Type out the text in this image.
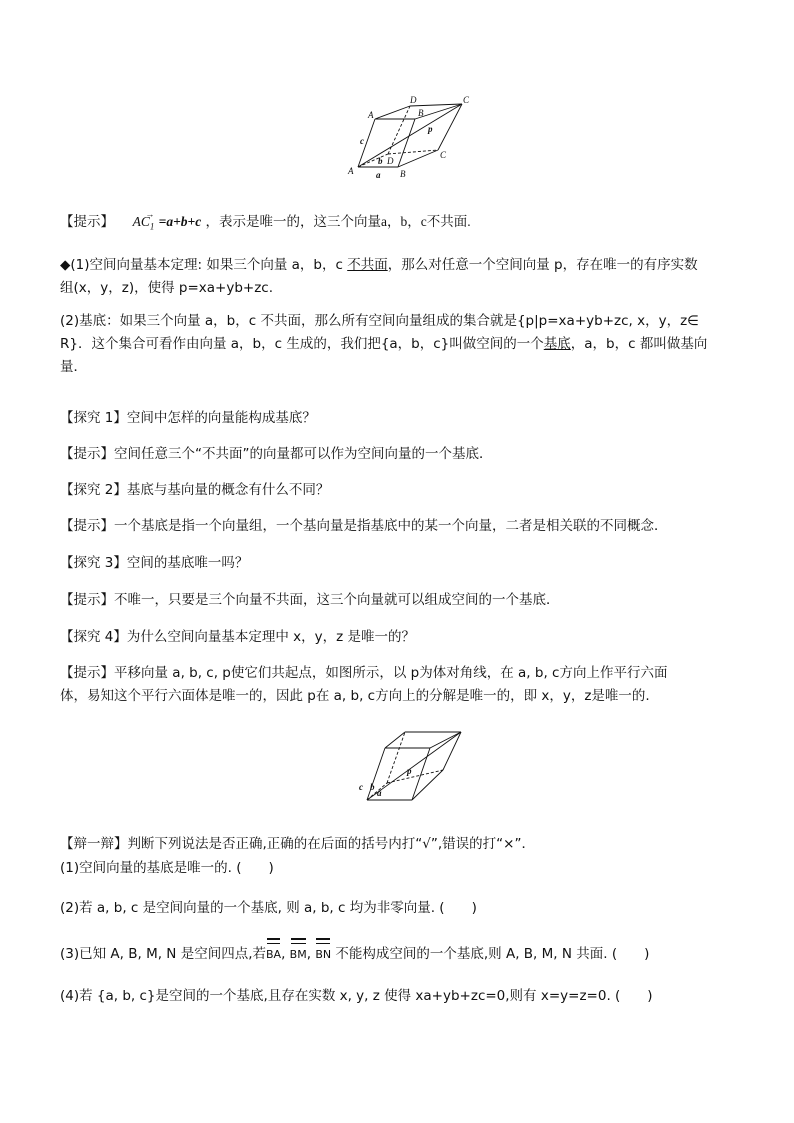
A	B
C
D
A	B
C
D
a
b
c
p
【提示】	→
$AC_1 =a+b+c$ ，表示是唯一的，这三个向量a，b，c不共面.
◆(1)空间向量基本定理: 如果三个向量 a，b，c 不共面，那么对任意一个空间向量 p，存在唯一的有序实数
组(x，y，z)，使得 p=xa+yb+zc.
(2)基底：如果三个向量 a，b，c 不共面，那么所有空间向量组成的集合就是{p|p=xa+yb+zc, x，y，z∈
R}．这个集合可看作由向量 a，b，c 生成的，我们把{a，b，c}叫做空间的一个基底，a，b，c 都叫做基向
量．
【探究 1】空间中怎样的向量能构成基底？
【提示】空间任意三个“不共面”的向量都可以作为空间向量的一个基底．
【探究 2】基底与基向量的概念有什么不同？
【提示】一个基底是指一个向量组，一个基向量是指基底中的某一个向量，二者是相关联的不同概念．
【探究 3】空间的基底唯一吗？
【提示】不唯一，只要是三个向量不共面，这三个向量就可以组成空间的一个基底．
【探究 4】为什么空间向量基本定理中 x，y，z 是唯一的？
【提示】平移向量 a, b, c, p使它们共起点，如图所示，以 p为体对角线，在 a, b, c方向上作平行六面
体，易知这个平行六面体是唯一的，因此 p在 a, b, c方向上的分解是唯一的，即 x，y，z是唯一的.
a
b
c
p
【辩一辩】判断下列说法是否正确,正确的在后面的括号内打“√”,错误的打“×”．
(1)空间向量的基底是唯一的. (　　)
(2)若 a, b, c 是空间向量的一个基底, 则 a, b, c 均为非零向量. (　　)
(3)已知 A, B, M, N 是空间四点,若
BA, BM, BN 不能构成空间的一个基底,则 A, B, M, N 共面. (　　)
(4)若 {a, b, c}是空间的一个基底,且存在实数 x, y, z 使得 xa+yb+zc=0,则有 x=y=z=0. (　　)
